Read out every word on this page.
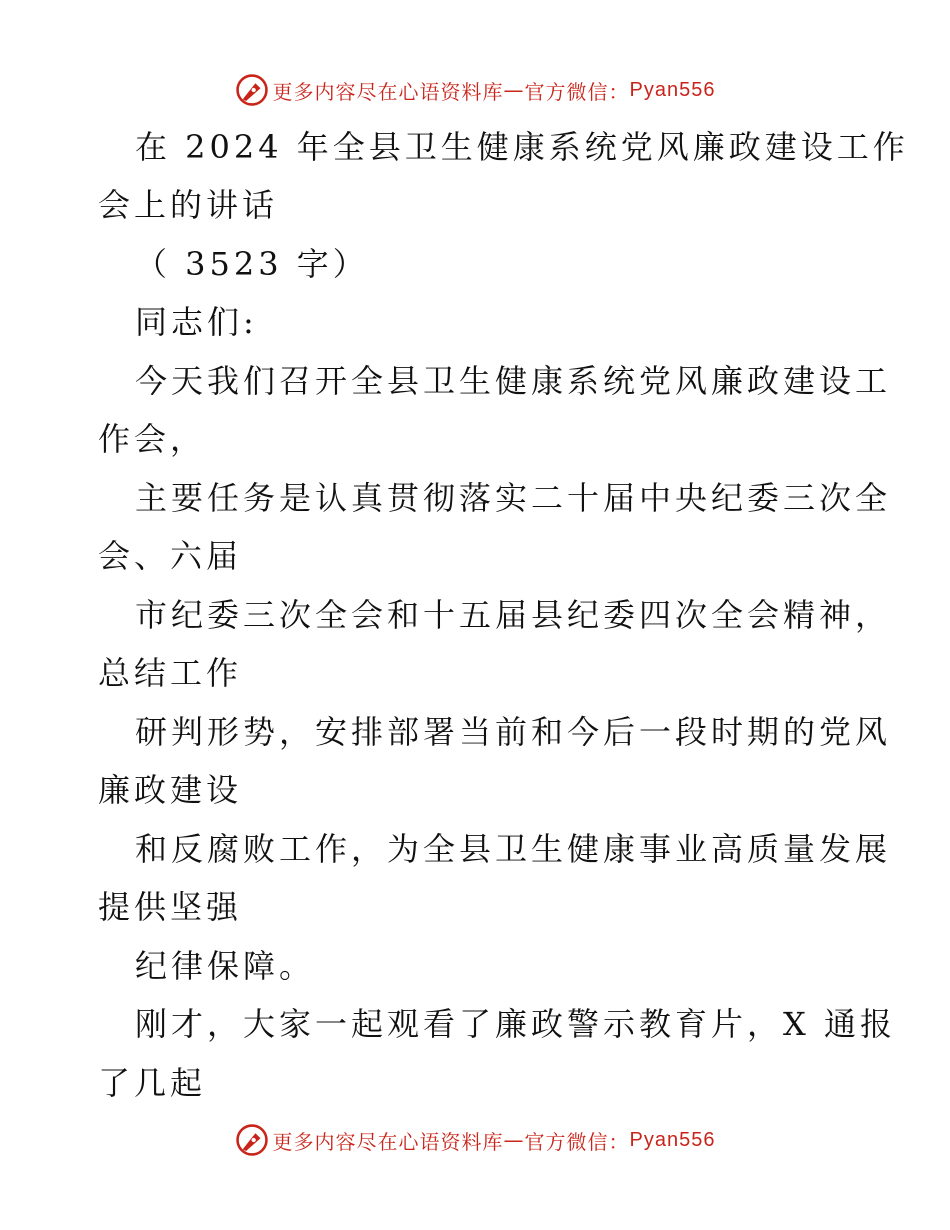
更多内容尽在心语资料库 — 官方微信： Pyan556
在 2024 年全县卫生健康系统党风廉政建设工作
会上的讲话
（ 3523 字）
同志们:
今天我们召开全县卫生健康系统党风廉政建设工
作会，
主要任务是认真贯彻落实二十届中央纪委三次全
会、六届
市纪委三次全会和十五届县纪委四次全会精神，
总结工作
研判形势，安排部署当前和今后一段时期的党风
廉政建设
和反腐败工作，为全县卫生健康事业高质量发展
提供坚强
纪律保障。
刚才，大家一起观看了廉政警示教育片，X 通报
了几起
更多内容尽在心语资料库 — 官方微信： Pyan556
